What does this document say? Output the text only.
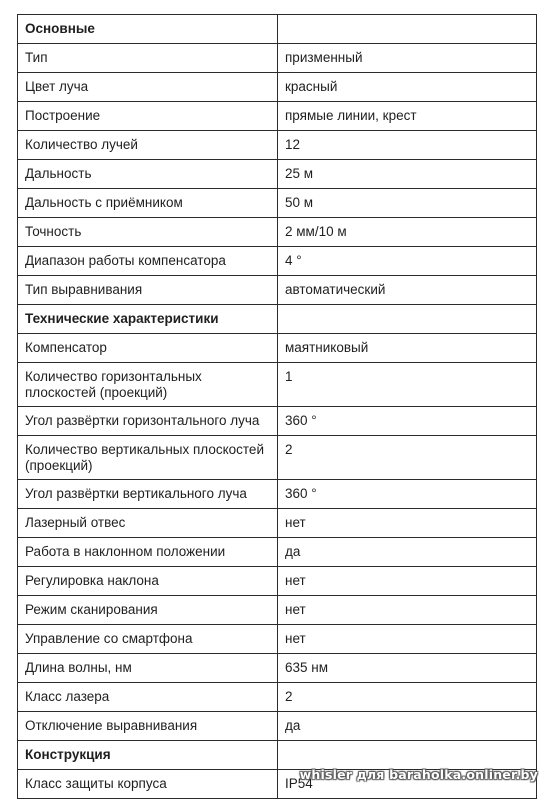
Основные	
Тип	призменный
Цвет луча	красный
Построение	прямые линии, крест
Количество лучей	12
Дальность	25 м
Дальность с приёмником	50 м
Точность	2 мм/10 м
Диапазон работы компенсатора	4 °
Тип выравнивания	автоматический
Технические характеристики	
Компенсатор	маятниковый
Количество горизонтальных плоскостей (проекций)	1
Угол развёртки горизонтального луча	360 °
Количество вертикальных плоскостей (проекций)	2
Угол развёртки вертикального луча	360 °
Лазерный отвес	нет
Работа в наклонном положении	да
Регулировка наклона	нет
Режим сканирования	нет
Управление со смартфона	нет
Длина волны, нм	635 нм
Класс лазера	2
Отключение выравнивания	да
Конструкция	
Класс защиты корпуса	IP54
whisler для baraholka.onliner.by
